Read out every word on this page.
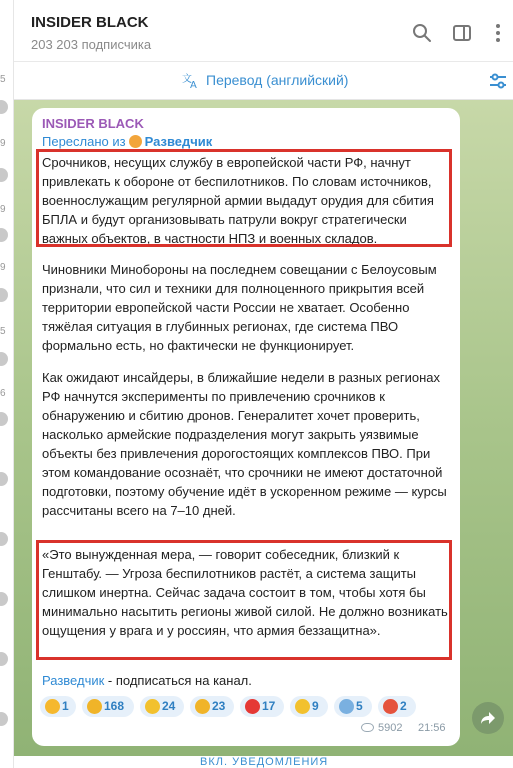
5
9
9
9
5
6
INSIDER BLACK
203 203 подписчика
文
A Перевод (английский)
INSIDER BLACK
Переслано из Разведчик
Срочников, несущих службу в европейской части РФ, начнут привлекать к обороне от беспилотников. По словам источников, военнослужащим регулярной армии выдадут орудия для сбития БПЛА и будут организовывать патрули вокруг стратегически важных объектов, в частности НПЗ и военных складов.
Чиновники Минобороны на последнем совещании с Белоусовым признали, что сил и техники для полноценного прикрытия всей территории европейской части России не хватает. Особенно тяжёлая ситуация в глубинных регионах, где система ПВО формально есть, но фактически не функционирует.
Как ожидают инсайдеры, в ближайшие недели в разных регионах РФ начнутся эксперименты по привлечению срочников к обнаружению и сбитию дронов. Генералитет хочет проверить, насколько армейские подразделения могут закрыть уязвимые объекты без привлечения дорогостоящих комплексов ПВО. При этом командование осознаёт, что срочники не имеют достаточной подготовки, поэтому обучение идёт в ускоренном режиме — курсы рассчитаны всего на 7–10 дней.
«Это вынужденная мера, — говорит собеседник, близкий к Генштабу. — Угроза беспилотников растёт, а система защиты слишком инертна. Сейчас задача состоит в том, чтобы хотя бы минимально насытить регионы живой силой. Не должно возникать ощущения у врага и у россиян, что армия беззащитна».
Разведчик - подписаться на канал.
1	168	24	23	17	9	5	2
5902 21:56
ВКЛ. УВЕДОМЛЕНИЯ
